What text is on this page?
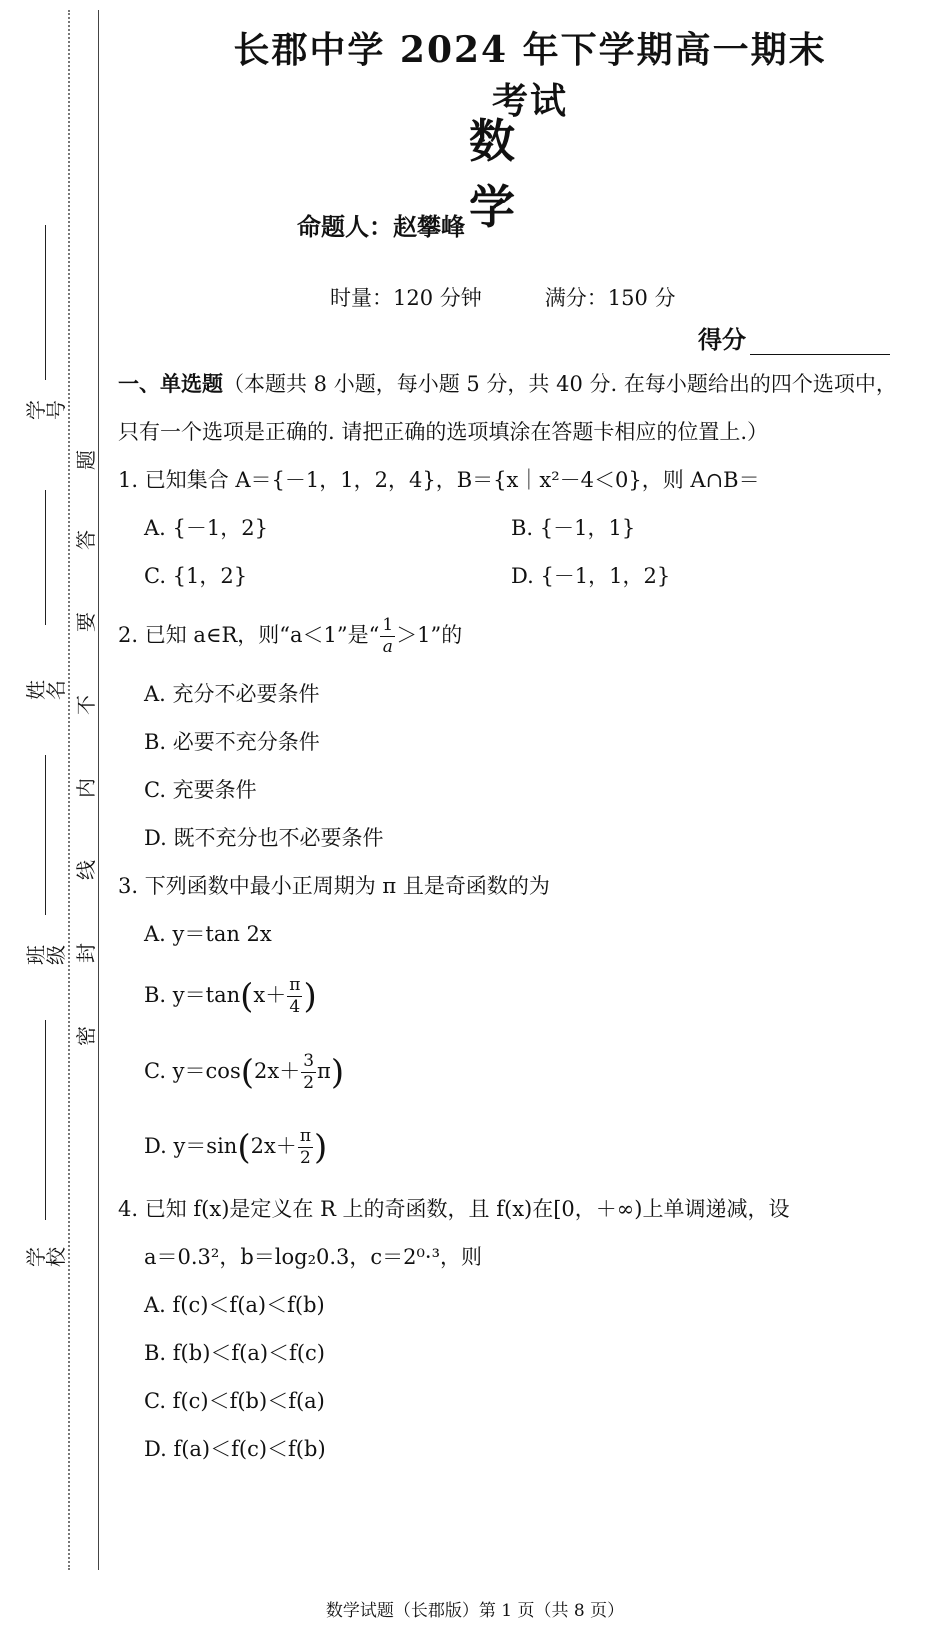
题
答
要
不
内
线
封
密
学号
姓名
班级
学校
长郡中学 2024 年下学期高一期末考试
数学
命题人：赵攀峰
时量：120 分钟　　　满分：150 分
得分
一、单选题（本题共 8 小题，每小题 5 分，共 40 分. 在每小题给出的四个选项中，只有一个选项是正确的. 请把正确的选项填涂在答题卡相应的位置上.）
1. 已知集合 A＝{－1，1，2，4}，B＝{x｜x²－4＜0}，则 A∩B＝
A. {－1，2}	B. {－1，1}
C. {1，2}	D. {－1，1，2}
2. 已知 a∈R，则“a＜1”是“ $\frac{1}{a} >1$”的
A. 充分不必要条件
B. 必要不充分条件
C. 充要条件
D. 既不充分也不必要条件
3. 下列函数中最小正周期为 π 且是奇函数的为
A. y＝tan 2x
B. $y=\tan(x+ \frac{\pi}{4}$ )
C. $y=\cos(2x+ \frac{3}{2} \pi)$
D. $y=\sin(2x+ \frac{\pi}{2}$ )
4. 已知 f(x)是定义在 R 上的奇函数，且 f(x)在[0，＋∞)上单调递减，设
a＝0.3²，b＝log₂0.3，c＝2⁰·³，则
A. f(c)＜f(a)＜f(b)
B. f(b)＜f(a)＜f(c)
C. f(c)＜f(b)＜f(a)
D. f(a)＜f(c)＜f(b)
数学试题（长郡版）第 1 页（共 8 页）
